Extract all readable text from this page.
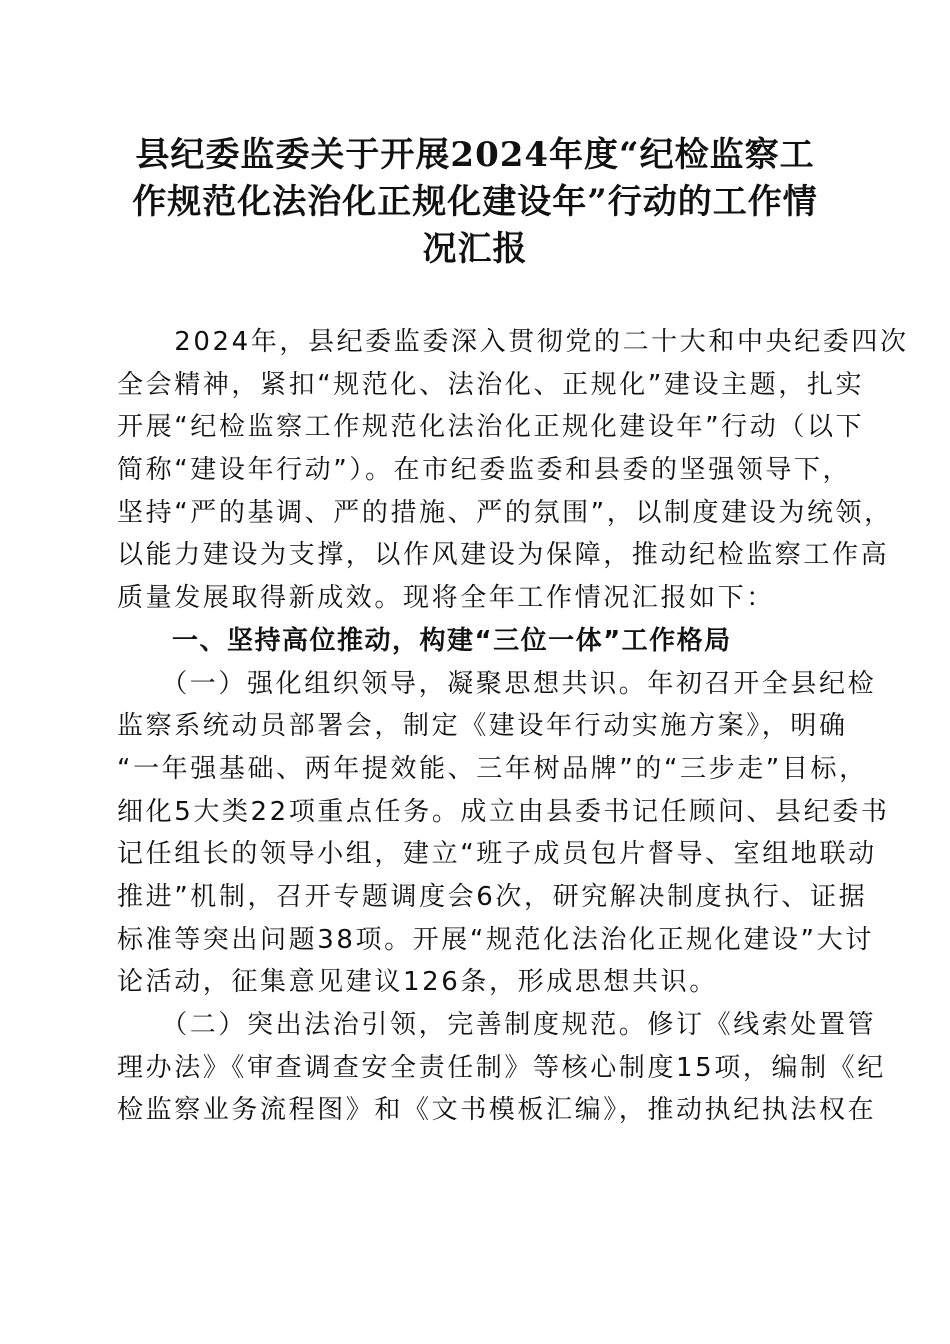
县纪委监委关于开展2024年度“纪检监察工
作规范化法治化正规化建设年”行动的工作情
况汇报
　　2024年，县纪委监委深入贯彻党的二十大和中央纪委四次
全会精神，紧扣“规范化、法治化、正规化”建设主题，扎实
开展“纪检监察工作规范化法治化正规化建设年”行动（以下
简称“建设年行动”）。在市纪委监委和县委的坚强领导下，
坚持“严的基调、严的措施、严的氛围”，以制度建设为统领，
以能力建设为支撑，以作风建设为保障，推动纪检监察工作高
质量发展取得新成效。现将全年工作情况汇报如下：
　　一、坚持高位推动，构建“三位一体”工作格局
　　（一）强化组织领导，凝聚思想共识。年初召开全县纪检
监察系统动员部署会，制定《建设年行动实施方案》，明确
“一年强基础、两年提效能、三年树品牌”的“三步走”目标，
细化5大类22项重点任务。成立由县委书记任顾问、县纪委书
记任组长的领导小组，建立“班子成员包片督导、室组地联动
推进”机制，召开专题调度会6次，研究解决制度执行、证据
标准等突出问题38项。开展“规范化法治化正规化建设”大讨
论活动，征集意见建议126条，形成思想共识。
　　（二）突出法治引领，完善制度规范。修订《线索处置管
理办法》《审查调查安全责任制》等核心制度15项，编制《纪
检监察业务流程图》和《文书模板汇编》，推动执纪执法权在
